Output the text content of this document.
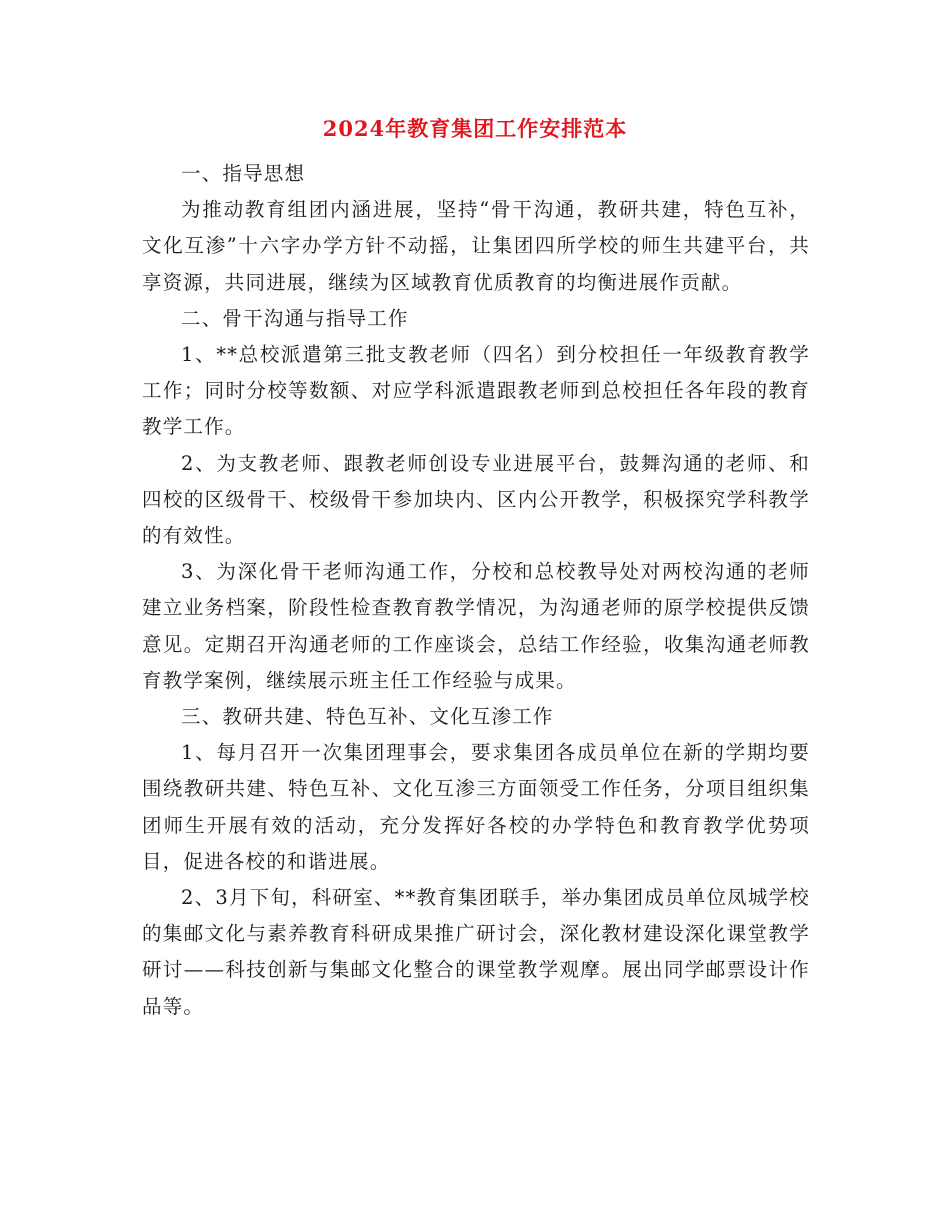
2024年教育集团工作安排范本

一、指导思想

为推动教育组团内涵进展，坚持“骨干沟通，教研共建，特色互补，文化互渗”十六字办学方针不动摇，让集团四所学校的师生共建平台，共享资源，共同进展，继续为区域教育优质教育的均衡进展作贡献。

二、骨干沟通与指导工作

1、**总校派遣第三批支教老师（四名）到分校担任一年级教育教学工作；同时分校等数额、对应学科派遣跟教老师到总校担任各年段的教育教学工作。

2、为支教老师、跟教老师创设专业进展平台，鼓舞沟通的老师、和四校的区级骨干、校级骨干参加块内、区内公开教学，积极探究学科教学的有效性。

3、为深化骨干老师沟通工作，分校和总校教导处对两校沟通的老师建立业务档案，阶段性检查教育教学情况，为沟通老师的原学校提供反馈意见。定期召开沟通老师的工作座谈会，总结工作经验，收集沟通老师教育教学案例，继续展示班主任工作经验与成果。

三、教研共建、特色互补、文化互渗工作

1、每月召开一次集团理事会，要求集团各成员单位在新的学期均要围绕教研共建、特色互补、文化互渗三方面领受工作任务，分项目组织集团师生开展有效的活动，充分发挥好各校的办学特色和教育教学优势项目，促进各校的和谐进展。

2、3月下旬，科研室、**教育集团联手，举办集团成员单位凤城学校的集邮文化与素养教育科研成果推广研讨会，深化教材建设深化课堂教学研讨——科技创新与集邮文化整合的课堂教学观摩。展出同学邮票设计作品等。
